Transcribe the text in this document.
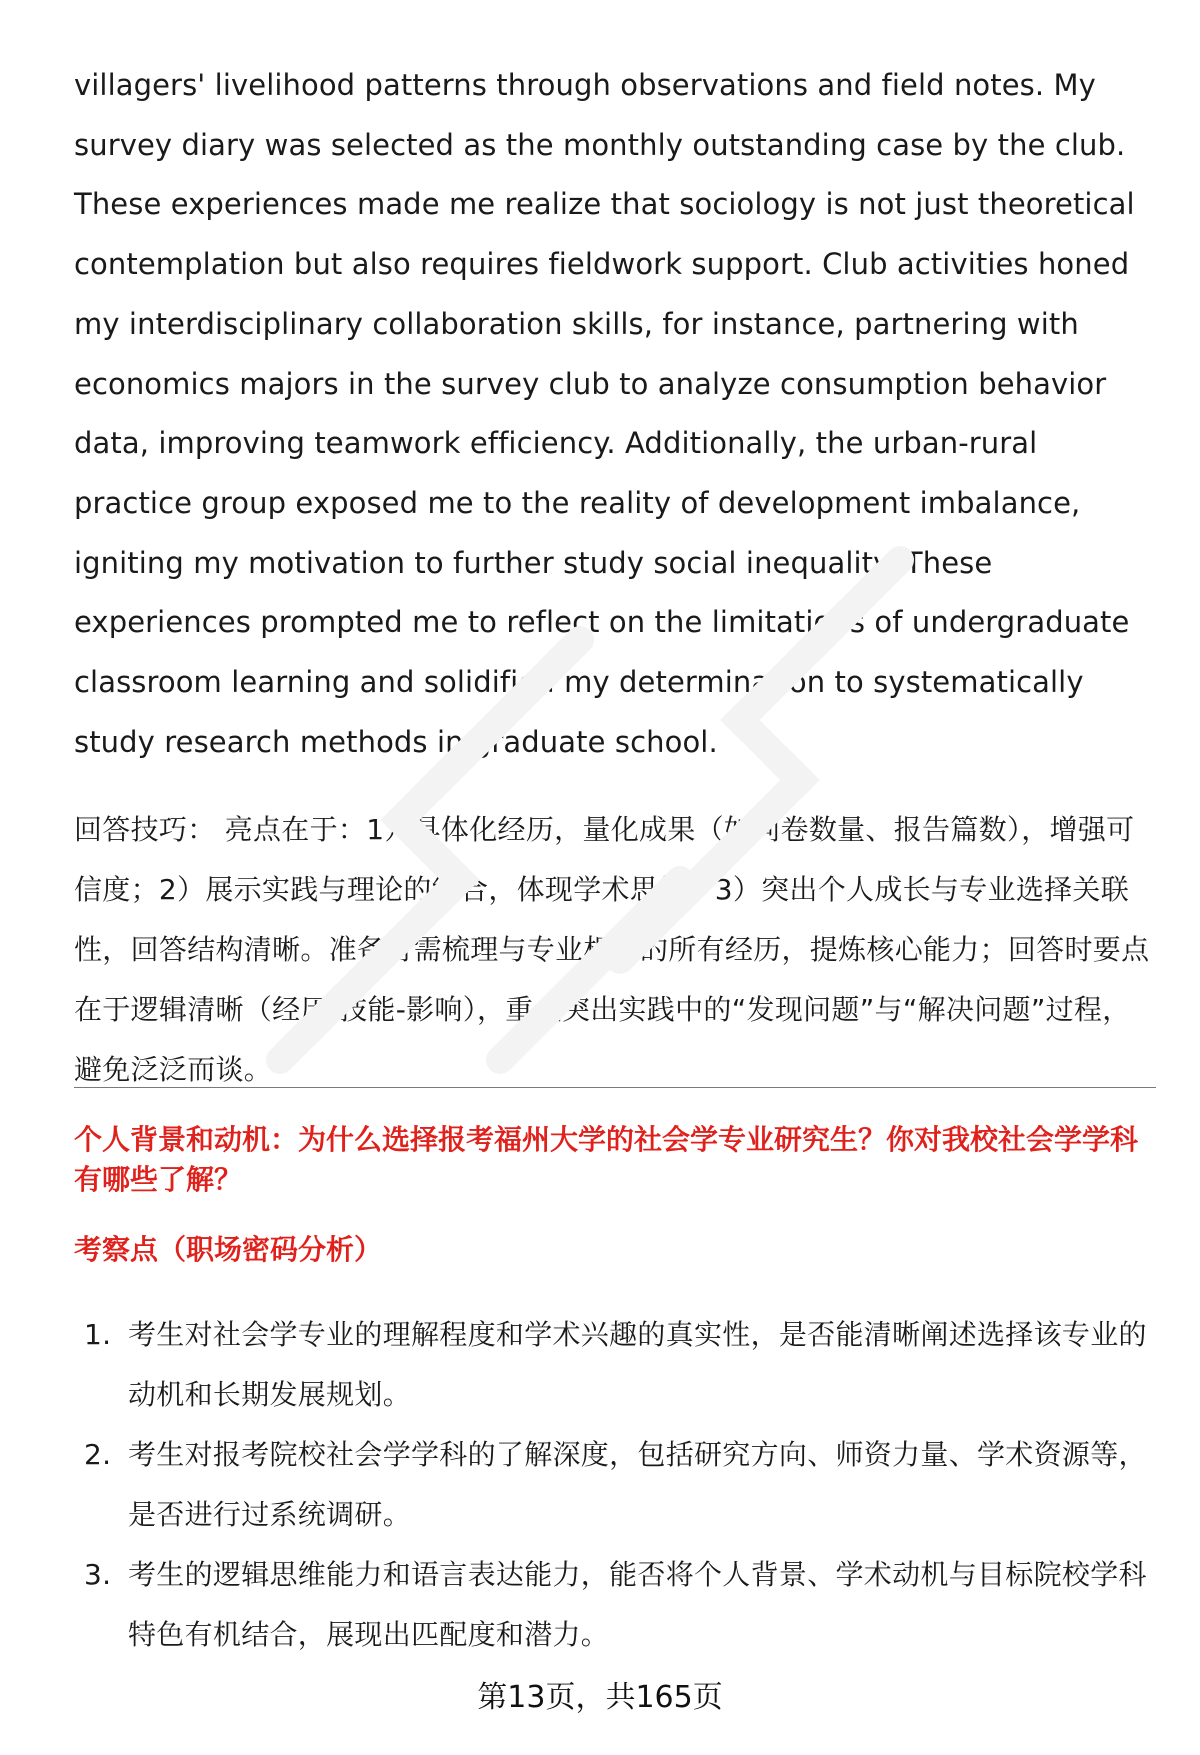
villagers' livelihood patterns through observations and field notes. My survey diary was selected as the monthly outstanding case by the club. These experiences made me realize that sociology is not just theoretical contemplation but also requires fieldwork support. Club activities honed my interdisciplinary collaboration skills, for instance, partnering with economics majors in the survey club to analyze consumption behavior data, improving teamwork efficiency. Additionally, the urban-rural practice group exposed me to the reality of development imbalance, igniting my motivation to further study social inequality. These experiences prompted me to reflect on the limitations of undergraduate classroom learning and solidified my determination to systematically study research methods in graduate school.

回答技巧： 亮点在于：1）具体化经历，量化成果（如问卷数量、报告篇数），增强可信度；2）展示实践与理论的结合，体现学术思维；3）突出个人成长与专业选择关联性，回答结构清晰。准备时需梳理与专业相关的所有经历，提炼核心能力；回答时要点在于逻辑清晰（经历-技能-影响），重点突出实践中的“发现问题”与“解决问题”过程，避免泛泛而谈。

个人背景和动机：为什么选择报考福州大学的社会学专业研究生？你对我校社会学学科有哪些了解？

考察点（职场密码分析）

1. 考生对社会学专业的理解程度和学术兴趣的真实性，是否能清晰阐述选择该专业的动机和长期发展规划。
2. 考生对报考院校社会学学科的了解深度，包括研究方向、师资力量、学术资源等，是否进行过系统调研。
3. 考生的逻辑思维能力和语言表达能力，能否将个人背景、学术动机与目标院校学科特色有机结合，展现出匹配度和潜力。
第13页，共165页
